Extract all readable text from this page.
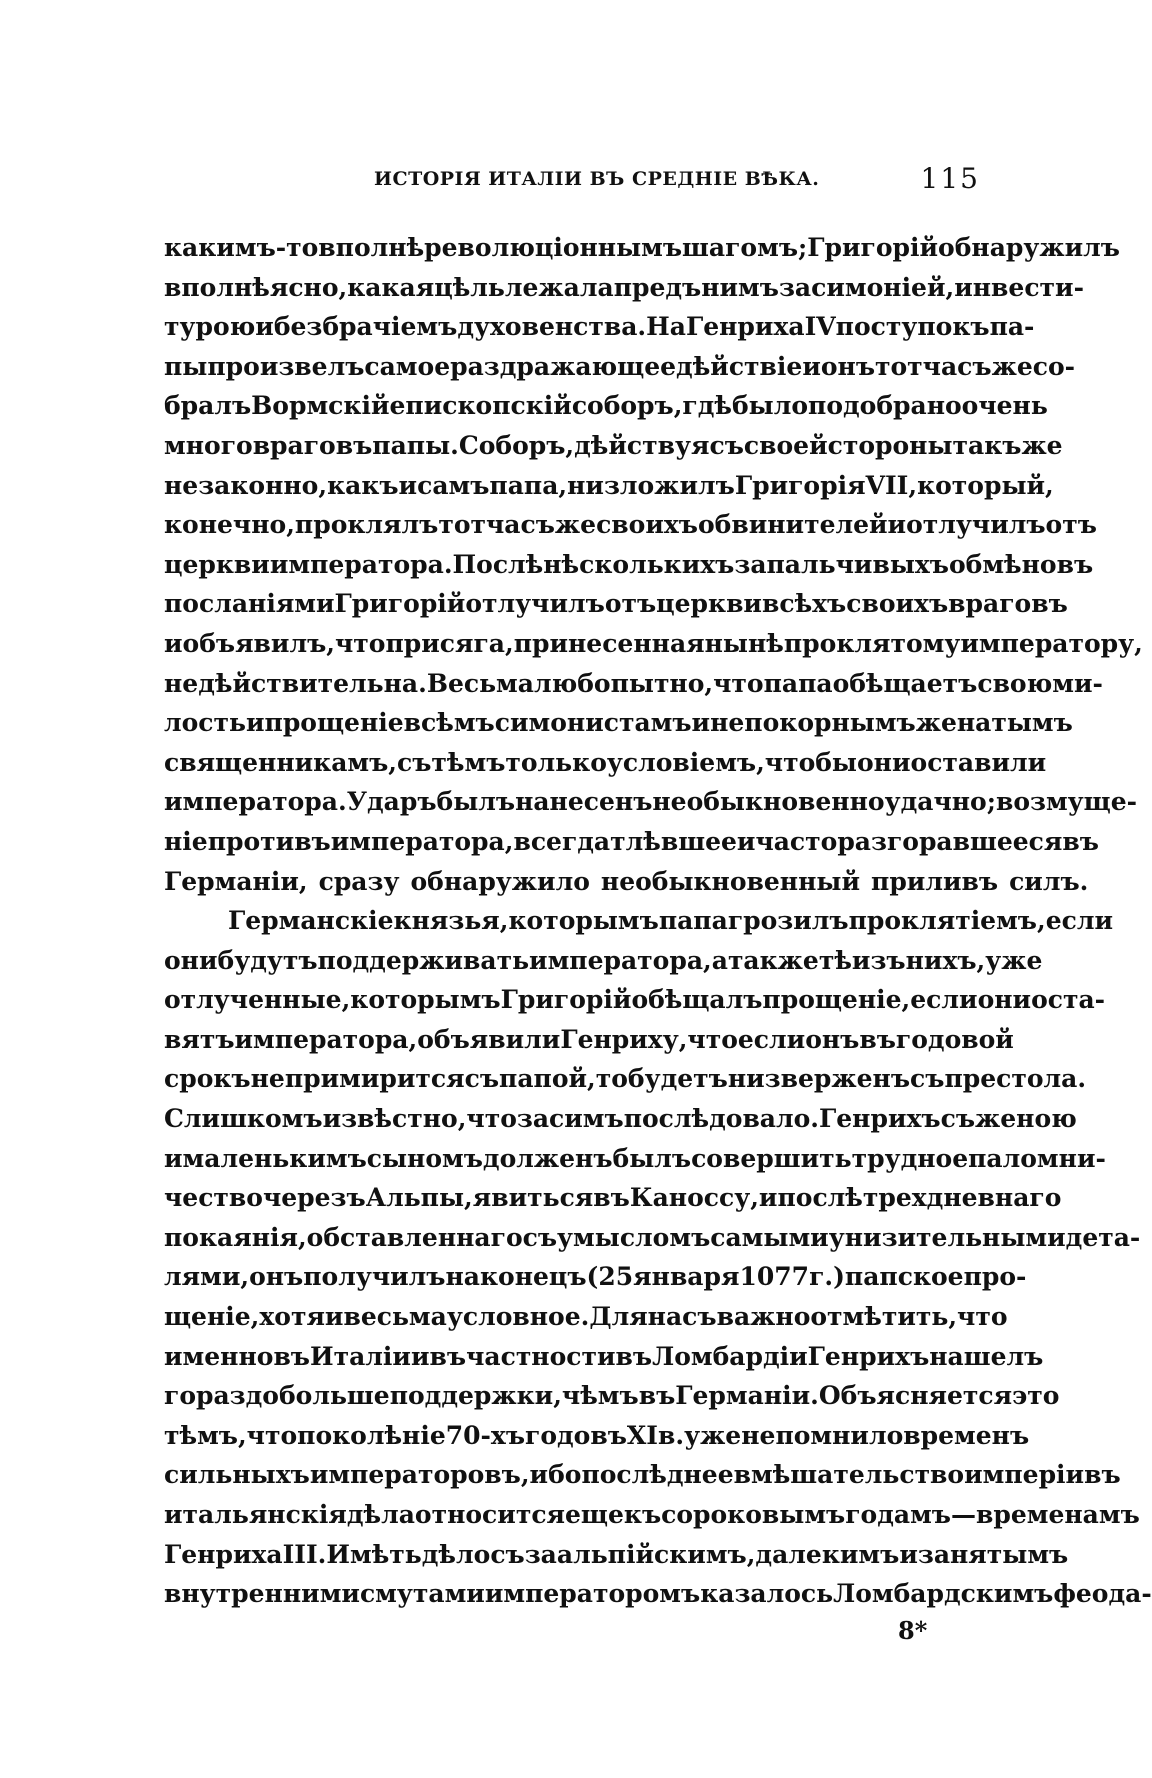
ИСТОРІЯ ИТАЛІИ ВЪ СРЕДНІЕ ВѢКА.	115
какимъ-то вполнѣ революціоннымъ шагомъ; Григорій обнаружилъ
вполнѣ ясно, какая цѣль лежала предъ нимъ за симоніей, инвести-
турою и безбрачіемъ духовенства. На Генриха IV поступокъ па-
пы произвелъ самое раздражающее дѣйствіе и онъ тотчасъ же со-
бралъ Вормскій епископскій соборъ, гдѣ было подобрано очень
много враговъ папы. Соборъ, дѣйствуя съ своей стороны такъ же
незаконно, какъ и самъ папа, низложилъ Григорія VII, который,
конечно, проклялъ тотчасъ же своихъ обвинителей и отлучилъ отъ
церкви императора. Послѣ нѣсколькихъ запальчивыхъ обмѣновъ
посланіями Григорій отлучилъ отъ церкви всѣхъ своихъ враговъ
и объявилъ, что присяга, принесенная нынѣ проклятому императору,
недѣйствительна. Весьма любопытно, что папа обѣщаетъ свою ми-
лость и прощеніе всѣмъ симонистамъ и непокорнымъ женатымъ
священникамъ, съ тѣмъ только условіемъ, чтобы они оставили
императора. Ударъ былъ нанесенъ необыкновенно удачно; возмуще-
ніе противъ императора, всегда тлѣвшее и часто разгоравшееся въ
Германіи, сразу обнаружило необыкновенный приливъ силъ.
Германскіе князья, которымъ папа грозилъ проклятіемъ, если
они будутъ поддерживать императора, а также тѣ изъ нихъ, уже
отлученные, которымъ Григорій обѣщалъ прощеніе, если они оста-
вятъ императора, объявили Генриху, что если онъ въ годовой
срокъ не примирится съ папой, то будетъ низверженъ съ престола.
Слишкомъ извѣстно, что за симъ послѣдовало. Генрихъ съ женою
и маленькимъ сыномъ долженъ былъ совершить трудное паломни-
чество черезъ Альпы, явиться въ Каноссу, и послѣ трехдневнаго
покаянія, обставленнаго съ умысломъ самыми унизительными дета-
лями, онъ получилъ наконецъ (25 января 1077 г.) папское про-
щеніе, хотя и весьма условное. Для насъ важно отмѣтить, что
именно въ Италіи и въ частности въ Ломбардіи Генрихъ нашелъ
гораздо больше поддержки, чѣмъ въ Германіи. Объясняется это
тѣмъ, что поколѣніе 70-хъ годовъ XI в. уже не помнило временъ
сильныхъ императоровъ, ибо послѣднее вмѣшательство имперіи въ
итальянскія дѣла относится еще къ сороковымъ годамъ—временамъ
Генриха III. Имѣть дѣло съ заальпійскимъ, далекимъ и занятымъ
внутренними смутами императоромъ казалось Ломбардскимъ феода-
8*
